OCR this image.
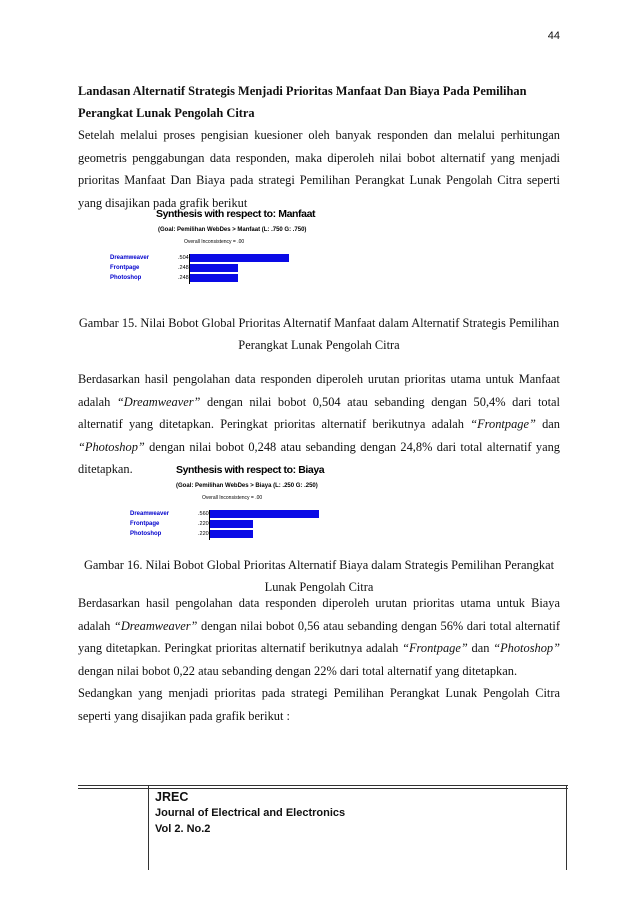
44
Landasan Alternatif Strategis Menjadi Prioritas Manfaat Dan Biaya Pada Pemilihan Perangkat Lunak Pengolah Citra
Setelah melalui proses pengisian kuesioner oleh banyak responden dan melalui perhitungan geometris penggabungan data responden, maka diperoleh nilai bobot alternatif yang menjadi prioritas Manfaat Dan Biaya pada strategi Pemilihan Perangkat Lunak Pengolah Citra seperti yang disajikan pada grafik berikut
Synthesis with respect to: Manfaat
(Goal: Pemilihan WebDes > Manfaat (L: .750 G: .750)
Overall Inconsistency = .00
Dreamweaver	.504
Frontpage	.248
Photoshop	.248
Gambar 15. Nilai Bobot Global Prioritas Alternatif Manfaat dalam Alternatif Strategis Pemilihan
Perangkat Lunak Pengolah Citra
Berdasarkan hasil pengolahan data responden diperoleh urutan prioritas utama untuk Manfaat adalah “Dreamweaver” dengan nilai bobot 0,504 atau sebanding dengan 50,4% dari total alternatif yang ditetapkan. Peringkat prioritas alternatif berikutnya adalah “Frontpage” dan “Photoshop” dengan nilai bobot 0,248 atau sebanding dengan 24,8% dari total alternatif yang ditetapkan.	Synthesis with respect to: Biaya
(Goal: Pemilihan WebDes > Biaya (L: .250 G: .250)
Overall Inconsistency = .00
Dreamweaver	.560
Frontpage	.220
Photoshop	.220
Gambar 16. Nilai Bobot Global Prioritas Alternatif Biaya dalam Strategis Pemilihan Perangkat
Lunak Pengolah Citra
Berdasarkan hasil pengolahan data responden diperoleh urutan prioritas utama untuk Biaya adalah “Dreamweaver” dengan nilai bobot 0,56 atau sebanding dengan 56% dari total alternatif yang ditetapkan. Peringkat prioritas alternatif berikutnya adalah “Frontpage” dan “Photoshop” dengan nilai bobot 0,22 atau sebanding dengan 22% dari total alternatif yang ditetapkan.
Sedangkan yang menjadi prioritas pada strategi Pemilihan Perangkat Lunak Pengolah Citra seperti yang disajikan pada grafik berikut :
JREC
Journal of Electrical and Electronics
Vol 2. No.2
